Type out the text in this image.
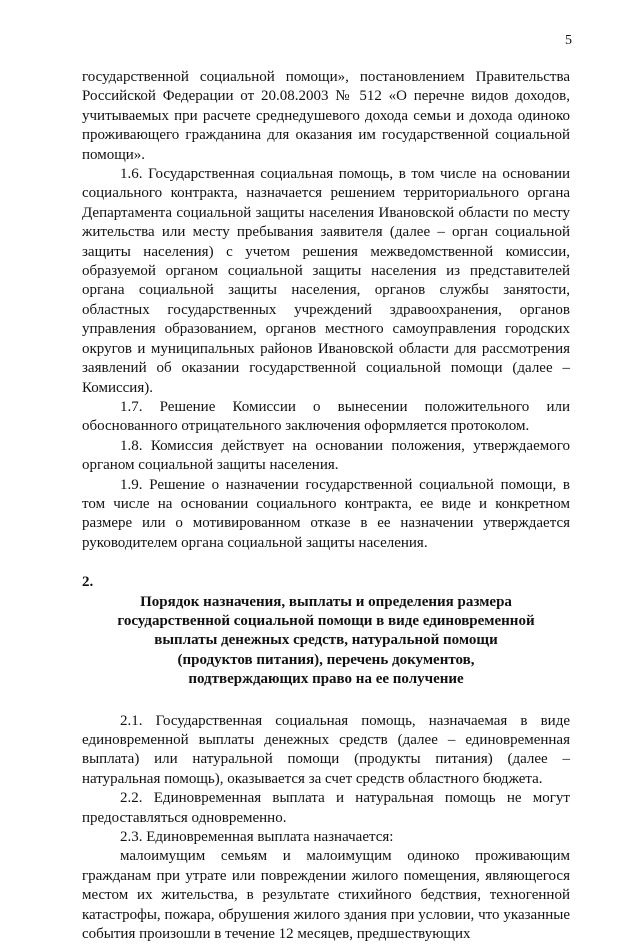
5

государственной социальной помощи», постановлением Правительства Российской Федерации от 20.08.2003 № 512 «О перечне видов доходов, учитываемых при расчете среднедушевого дохода семьи и дохода одиноко проживающего гражданина для оказания им государственной социальной помощи».

1.6. Государственная социальная помощь, в том числе на основании социального контракта, назначается решением территориального органа Департамента социальной защиты населения Ивановской области по месту жительства или месту пребывания заявителя (далее – орган социальной защиты населения) с учетом решения межведомственной комиссии, образуемой органом социальной защиты населения из представителей органа социальной защиты населения, органов службы занятости, областных государственных учреждений здравоохранения, органов управления образованием, органов местного самоуправления городских округов и муниципальных районов Ивановской области для рассмотрения заявлений об оказании государственной социальной помощи (далее – Комиссия).

1.7. Решение Комиссии о вынесении положительного или обоснованного отрицательного заключения оформляется протоколом.

1.8. Комиссия действует на основании положения, утверждаемого органом социальной защиты населения.

1.9. Решение о назначении государственной социальной помощи, в том числе на основании социального контракта, ее виде и конкретном размере или о мотивированном отказе в ее назначении утверждается руководителем органа социальной защиты населения.

2.
Порядок назначения, выплаты и определения размера
государственной социальной помощи в виде единовременной
выплаты денежных средств, натуральной помощи
(продуктов питания), перечень документов,
подтверждающих право на ее получение

2.1. Государственная социальная помощь, назначаемая в виде единовременной выплаты денежных средств (далее – единовременная выплата) или натуральной помощи (продукты питания) (далее – натуральная помощь), оказывается за счет средств областного бюджета.

2.2. Единовременная выплата и натуральная помощь не могут предоставляться одновременно.

2.3. Единовременная выплата назначается:

малоимущим семьям и малоимущим одиноко проживающим гражданам при утрате или повреждении жилого помещения, являющегося местом их жительства, в результате стихийного бедствия, техногенной катастрофы, пожара, обрушения жилого здания при условии, что указанные события произошли в течение 12 месяцев, предшествующих
